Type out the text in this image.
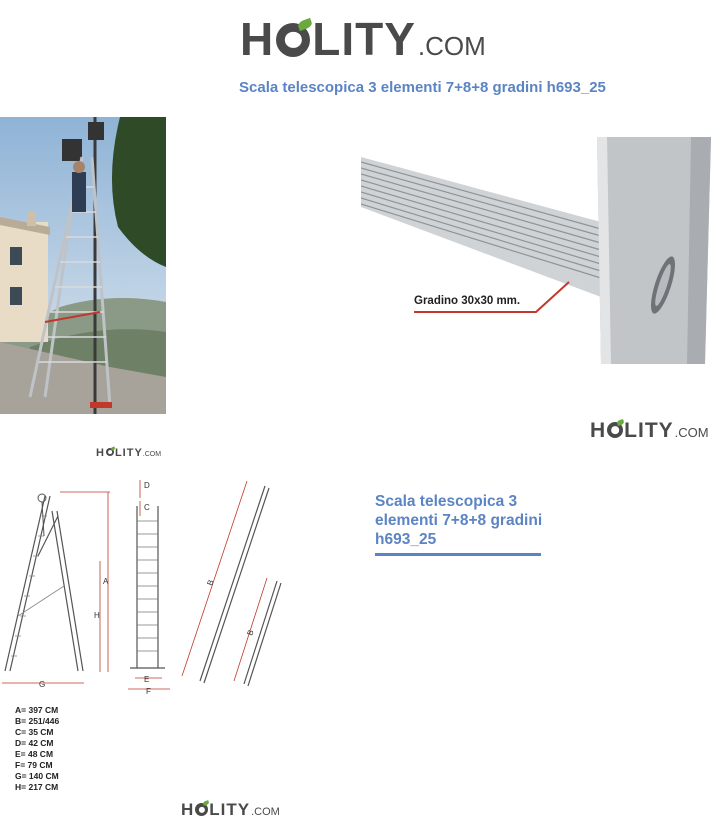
H LITY .COM
Scala telescopica 3 elementi 7+8+8 gradini h693_25
Gradino 30x30 mm.
H LITY .COM
H LITY .COM
Scala telescopica 3 elementi 7+8+8 gradini h693_25
A
H
G
D
C
E
F
B
B
A= 397 CM
B= 251/446
C= 35 CM
D= 42 CM
E= 48 CM
F= 79 CM
G= 140 CM
H= 217 CM
H LITY .COM
